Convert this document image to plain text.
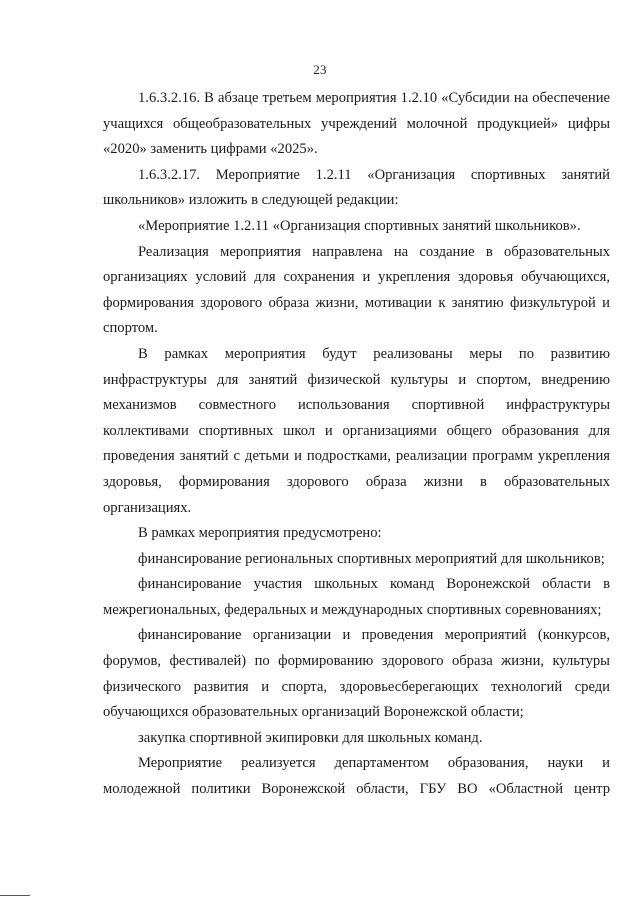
23

1.6.3.2.16. В абзаце третьем мероприятия 1.2.10 «Субсидии на обеспечение учащихся общеобразовательных учреждений молочной продукцией» цифры «2020» заменить цифрами «2025».

1.6.3.2.17. Мероприятие 1.2.11 «Организация спортивных занятий школьников» изложить в следующей редакции:

«Мероприятие 1.2.11 «Организация спортивных занятий школьников».

Реализация мероприятия направлена на создание в образовательных организациях условий для сохранения и укрепления здоровья обучающихся, формирования здорового образа жизни, мотивации к занятию физкультурой и спортом.

В рамках мероприятия будут реализованы меры по развитию инфраструктуры для занятий физической культуры и спортом, внедрению механизмов совместного использования спортивной инфраструктуры коллективами спортивных школ и организациями общего образования для проведения занятий с детьми и подростками, реализации программ укрепления здоровья, формирования здорового образа жизни в образовательных организациях.

В рамках мероприятия предусмотрено:

финансирование региональных спортивных мероприятий для школьников;

финансирование участия школьных команд Воронежской области в межрегиональных, федеральных и международных спортивных соревнованиях;

финансирование организации и проведения мероприятий (конкурсов, форумов, фестивалей) по формированию здорового образа жизни, культуры физического развития и спорта, здоровьесберегающих технологий среди обучающихся образовательных организаций Воронежской области;

закупка спортивной экипировки для школьных команд.

Мероприятие реализуется департаментом образования, науки и молодежной политики Воронежской области, ГБУ ВО «Областной центр
